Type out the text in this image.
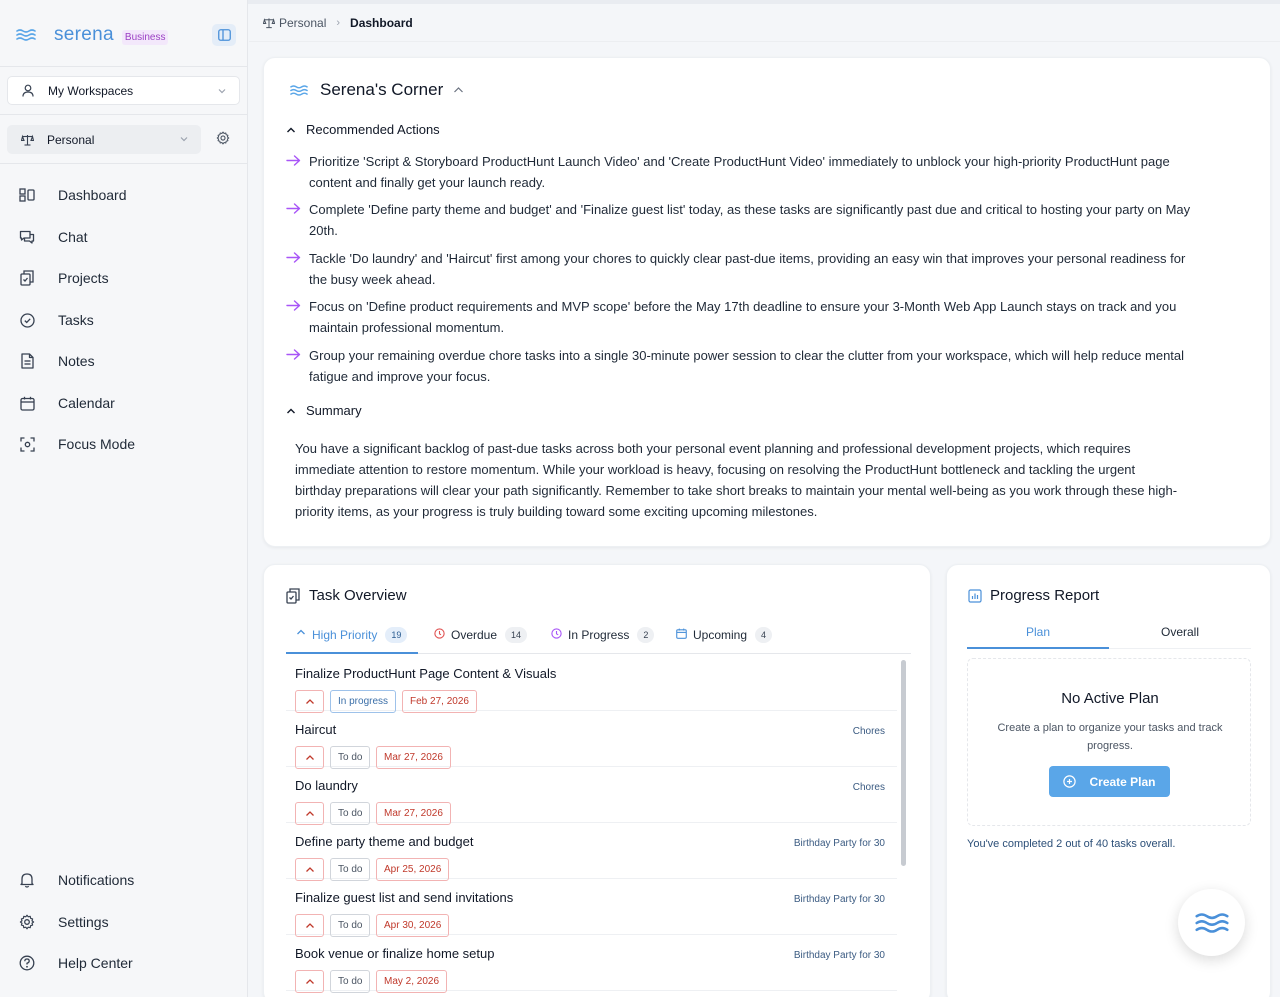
serena	Business
My Workspaces
Personal
Dashboard
Chat
Projects
Tasks
Notes
Calendar
Focus Mode
Notifications
Settings
Help Center
Personal › Dashboard
Serena's Corner
Recommended Actions
Prioritize 'Script & Storyboard ProductHunt Launch Video' and 'Create ProductHunt Video' immediately to unblock your high-priority ProductHunt page
content and finally get your launch ready.
Complete 'Define party theme and budget' and 'Finalize guest list' today, as these tasks are significantly past due and critical to hosting your party on May
20th.
Tackle 'Do laundry' and 'Haircut' first among your chores to quickly clear past-due items, providing an easy win that improves your personal readiness for
the busy week ahead.
Focus on 'Define product requirements and MVP scope' before the May 17th deadline to ensure your 3-Month Web App Launch stays on track and you
maintain professional momentum.
Group your remaining overdue chore tasks into a single 30-minute power session to clear the clutter from your workspace, which will help reduce mental
fatigue and improve your focus.
Summary
You have a significant backlog of past-due tasks across both your personal event planning and professional development projects, which requires
immediate attention to restore momentum. While your workload is heavy, focusing on resolving the ProductHunt bottleneck and tackling the urgent
birthday preparations will clear your path significantly. Remember to take short breaks to maintain your mental well-being as you work through these high-
priority items, as your progress is truly building toward some exciting upcoming milestones.
Task Overview
High Priority	19	Overdue	14	In Progress	2	Upcoming	4
Finalize ProductHunt Page Content & Visuals
In progress	Feb 27, 2026
Haircut	Chores
To do	Mar 27, 2026
Do laundry	Chores
To do	Mar 27, 2026
Define party theme and budget	Birthday Party for 30
To do	Apr 25, 2026
Finalize guest list and send invitations	Birthday Party for 30
To do	Apr 30, 2026
Book venue or finalize home setup	Birthday Party for 30
To do	May 2, 2026
Progress Report
Plan	Overall
No Active Plan
Create a plan to organize your tasks and track
progress.
Create Plan
You've completed 2 out of 40 tasks overall.
